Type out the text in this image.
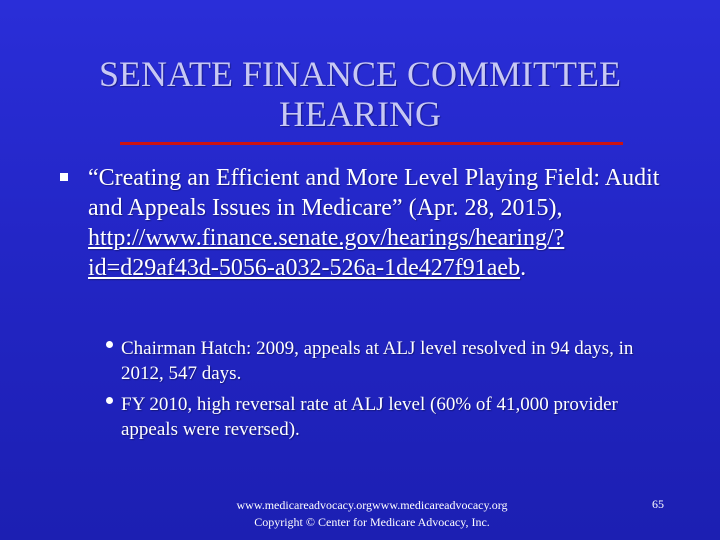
SENATE FINANCE COMMITTEE
HEARING
“Creating an Efficient and More Level Playing Field: Audit and Appeals Issues in Medicare” (Apr. 28, 2015), http://www.finance.senate.gov/hearings/hearing/?id=d29af43d-5056-a032-526a-1de427f91aeb.
Chairman Hatch: 2009, appeals at ALJ level resolved in 94 days, in 2012, 547 days.
FY 2010, high reversal rate at ALJ level (60% of 41,000 provider appeals were reversed).
www.medicareadvocacy.orgwww.medicareadvocacy.org
Copyright © Center for Medicare Advocacy, Inc.
65
